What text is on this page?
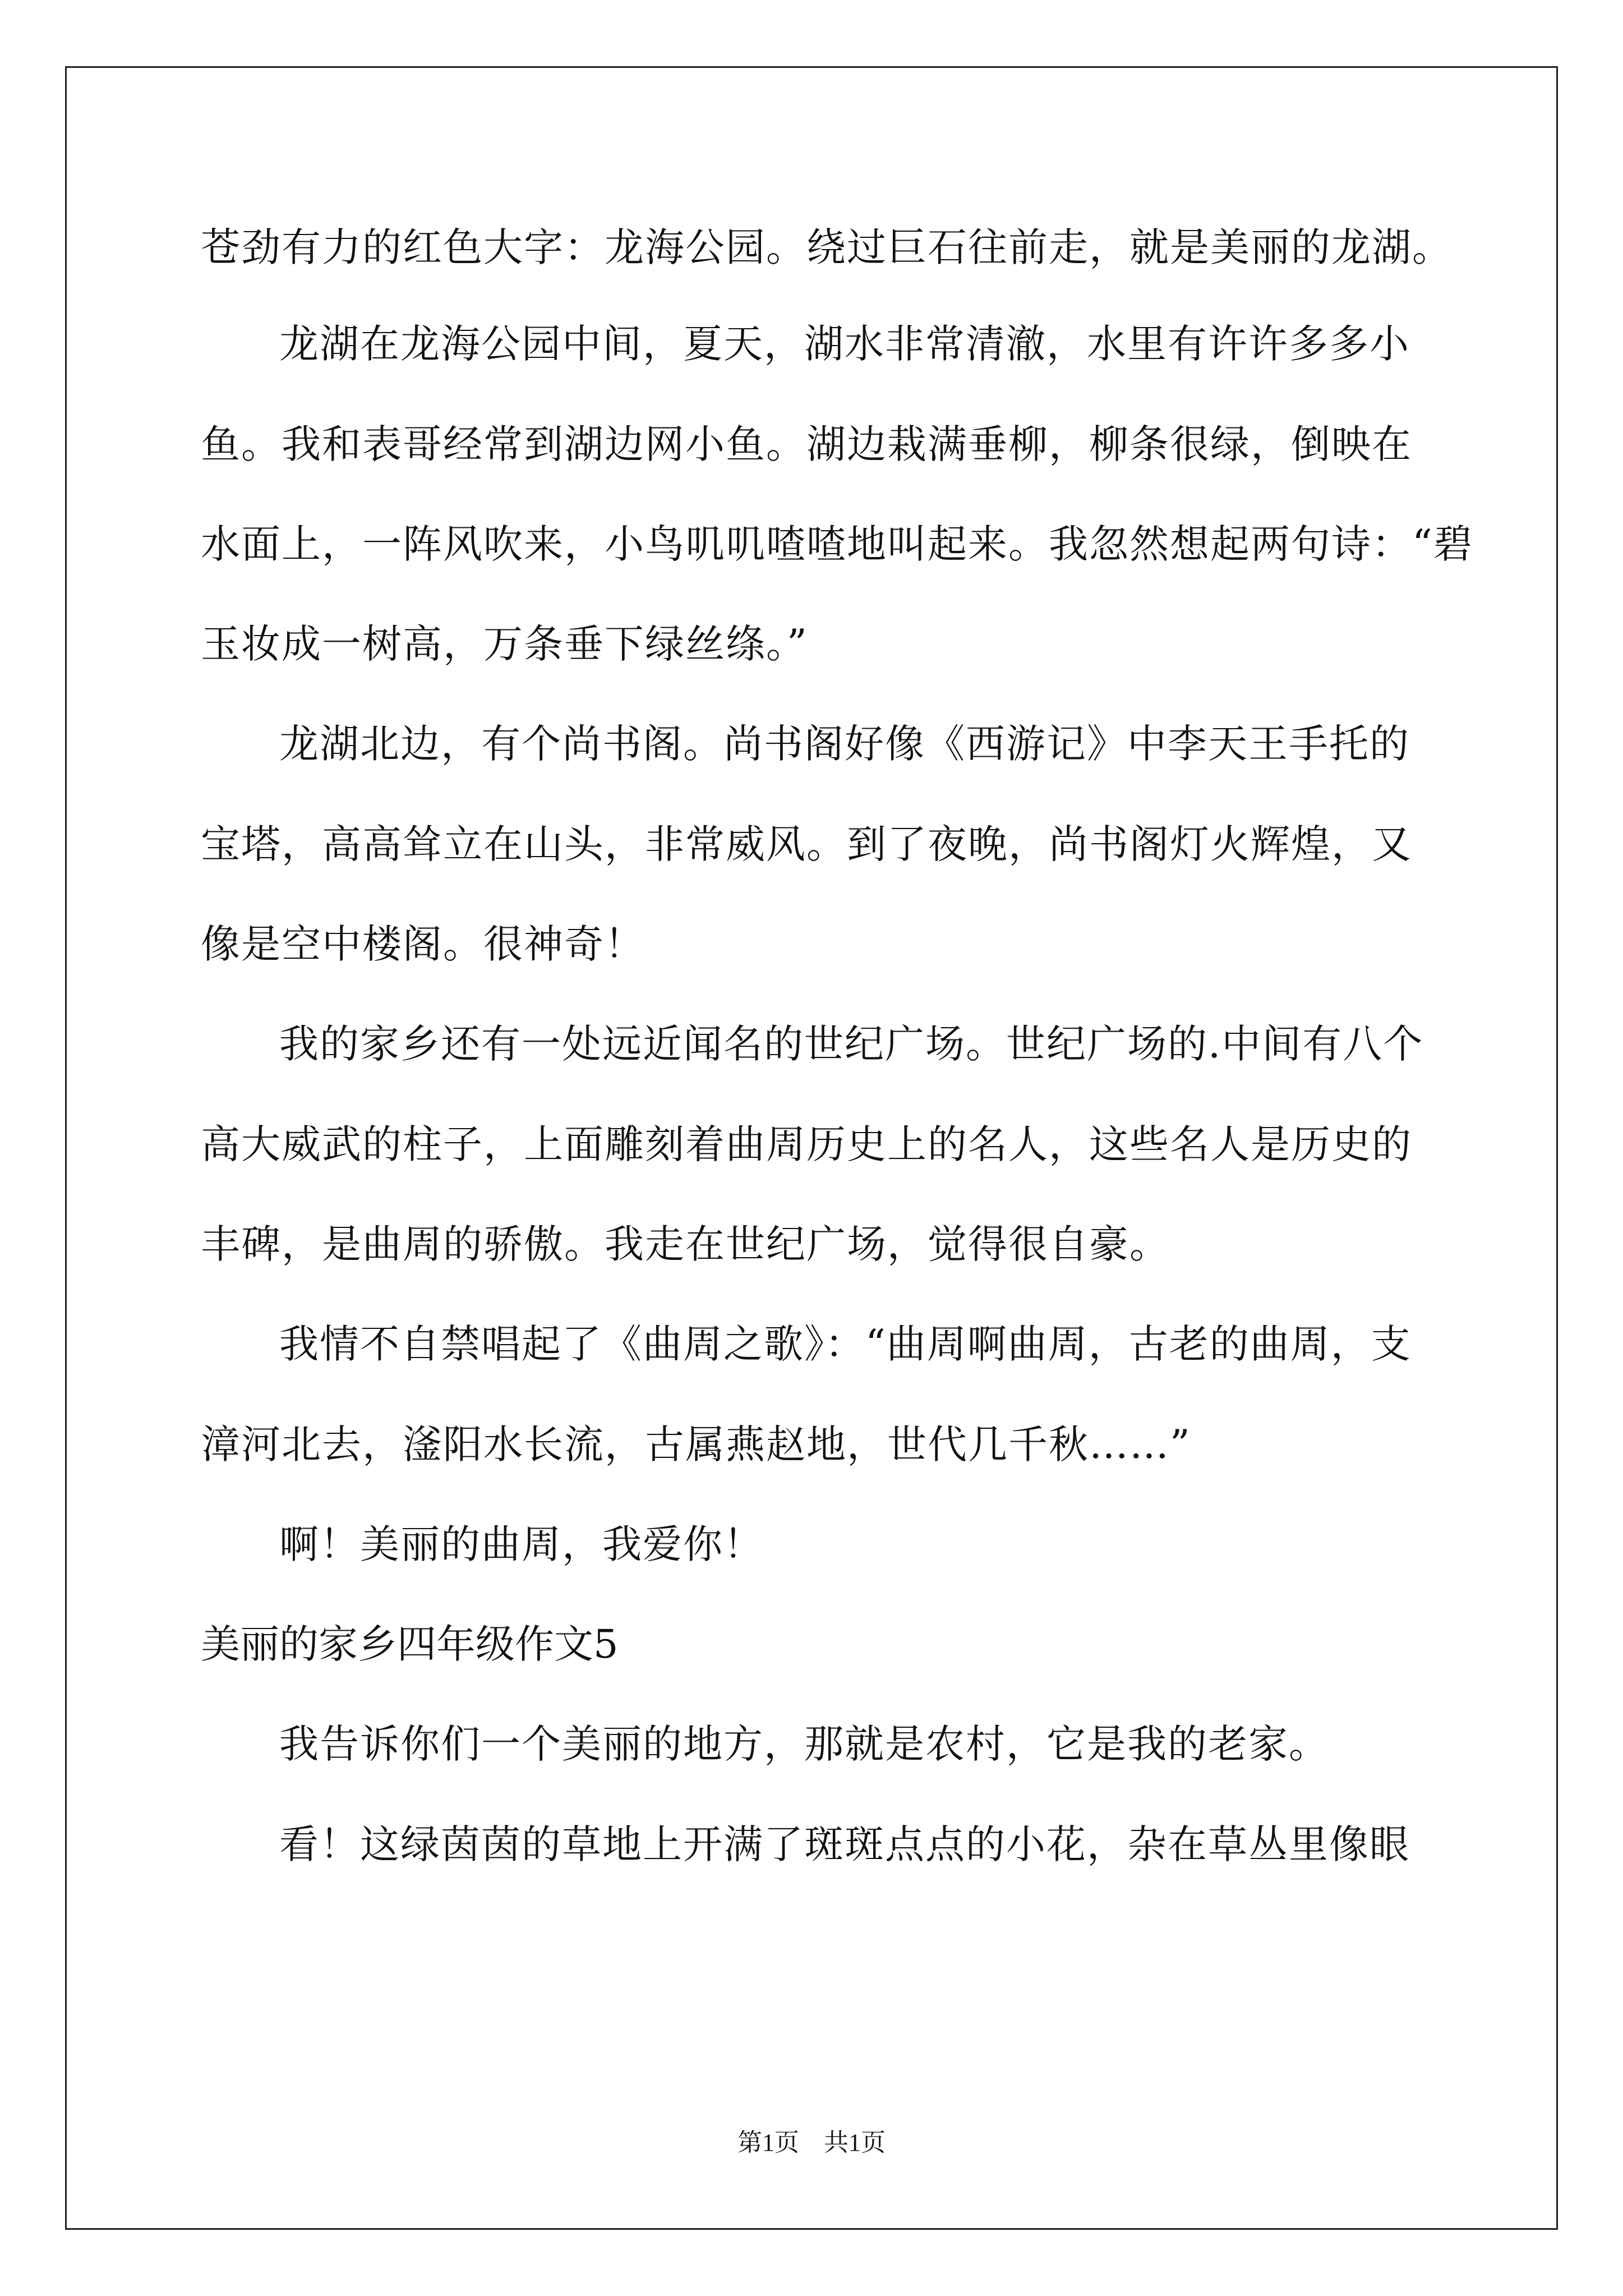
苍劲有力的红色大字：龙海公园。绕过巨石往前走，就是美丽的龙湖。
龙湖在龙海公园中间，夏天，湖水非常清澈，水里有许许多多小
鱼。我和表哥经常到湖边网小鱼。湖边栽满垂柳，柳条很绿，倒映在
水面上，一阵风吹来，小鸟叽叽喳喳地叫起来。我忽然想起两句诗：“碧
玉妆成一树高，万条垂下绿丝绦。”
龙湖北边，有个尚书阁。尚书阁好像《西游记》中李天王手托的
宝塔，高高耸立在山头，非常威风。到了夜晚，尚书阁灯火辉煌，又
像是空中楼阁。很神奇！
我的家乡还有一处远近闻名的世纪广场。世纪广场的.中间有八个
高大威武的柱子，上面雕刻着曲周历史上的名人，这些名人是历史的
丰碑，是曲周的骄傲。我走在世纪广场，觉得很自豪。
我情不自禁唱起了《曲周之歌》：“曲周啊曲周，古老的曲周，支
漳河北去，滏阳水长流，古属燕赵地，世代几千秋……”
啊！美丽的曲周，我爱你！
美丽的家乡四年级作文5
我告诉你们一个美丽的地方，那就是农村，它是我的老家。
看！这绿茵茵的草地上开满了斑斑点点的小花，杂在草丛里像眼
第1页　共1页
